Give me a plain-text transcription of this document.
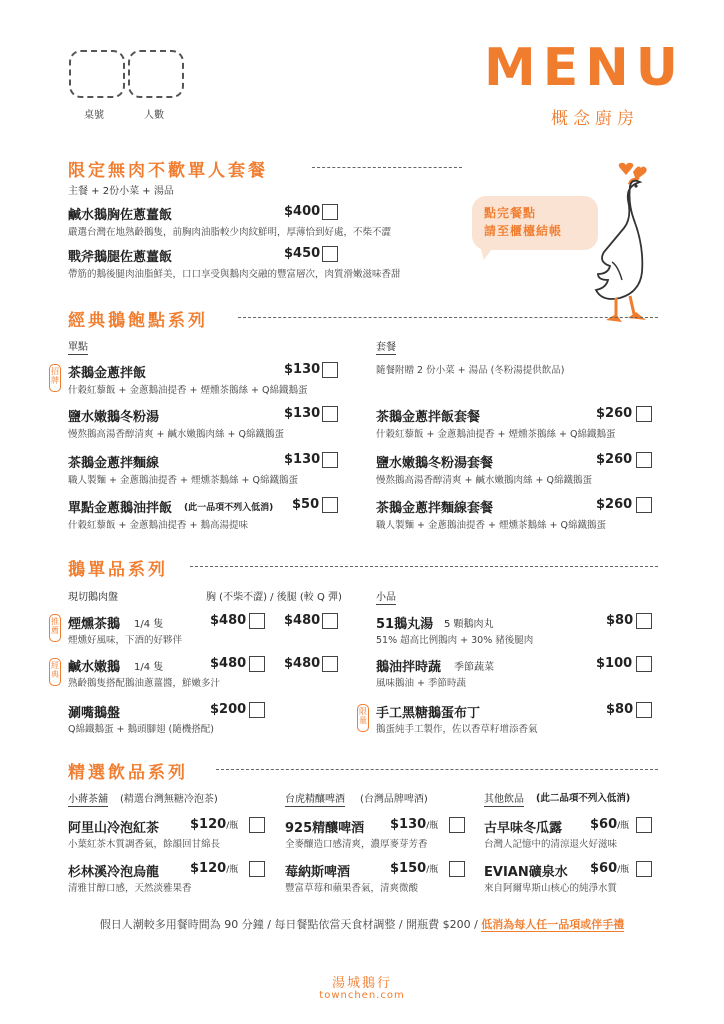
桌號	人數
MENU
概念廚房
點完餐點
請至櫃檯結帳
限定無肉不歡單人套餐
主餐 + 2份小菜 + 湯品
鹹水鵝胸佐蔥薑飯	$400
嚴選台灣在地熟齡鵝隻，前胸肉油脂較少肉紋鮮明，厚薄恰到好處，不柴不澀
戰斧鵝腿佐蔥薑飯	$450
帶筋的鵝後腿肉油脂鮮美，口口享受與鵝肉交融的豐富層次，肉質滑嫩滋味香甜
經典鵝飽點系列
單點	套餐
隨餐附贈 2 份小菜 + 湯品 (冬粉湯提供飲品)
招牌 茶鵝金蔥拌飯	$130
什穀紅藜飯 + 金蔥鵝油提香 + 煙燻茶鵝絲 + Q綿鐵鵝蛋
鹽水嫩鵝冬粉湯	$130
慢熬鵝高湯香醇清爽 + 鹹水嫩鵝肉絲 + Q綿鐵鵝蛋
茶鵝金蔥拌麵線	$130
職人製麵 + 金蔥鵝油提香 + 煙燻茶鵝絲 + Q綿鐵鵝蛋
單點金蔥鵝油拌飯 (此一品項不列入低消) $50
什穀紅藜飯 + 金蔥鵝油提香 + 鵝高湯提味
茶鵝金蔥拌飯套餐	$260
什穀紅藜飯 + 金蔥鵝油提香 + 煙燻茶鵝絲 + Q綿鐵鵝蛋
鹽水嫩鵝冬粉湯套餐	$260
慢熬鵝高湯香醇清爽 + 鹹水嫩鵝肉絲 + Q綿鐵鵝蛋
茶鵝金蔥拌麵線套餐	$260
職人製麵 + 金蔥鵝油提香 + 煙燻茶鵝絲 + Q綿鐵鵝蛋
鵝單品系列
現切鵝肉盤	胸 (不柴不澀) / 後腿 (較 Q 彈)	小品
推薦
經典
限量
煙燻茶鵝 1/4 隻	$480	$480
煙燻好風味，下酒的好夥伴
鹹水嫩鵝 1/4 隻	$480	$480
熟齡鵝隻搭配鵝油蔥薑醬，鮮嫩多汁
涮嘴鵝盤	$200
Q綿鐵鵝蛋 + 鵝頭腳翅 (隨機搭配)
51鵝丸湯 5 顆鵝肉丸	$80
51% 超高比例鵝肉 + 30% 豬後腿肉
鵝油拌時蔬 季節蔬菜	$100
風味鵝油 + 季節時蔬
手工黑糖鵝蛋布丁	$80
鵝蛋純手工製作，佐以香草籽增添香氣
精選飲品系列
小蔣茶舖 (精選台灣無糖冷泡茶)	台虎精釀啤酒 (台灣品牌啤酒)	其他飲品 (此二品項不列入低消)
阿里山冷泡紅茶 $120/瓶
小葉紅茶木質調香氣，餘韻回甘綿長
杉林溪冷泡烏龍 $120/瓶
清雅甘醇口感，天然淡雅果香
925精釀啤酒 $130/瓶
全麥釀造口感清爽，濃厚麥芽芳香
莓納斯啤酒	$150/瓶
豐富草莓和蘋果香氣，清爽微酸
古早味冬瓜露 $60/瓶
台灣人記憶中的清涼退火好滋味
EVIAN礦泉水 $60/瓶
來自阿爾卑斯山核心的純淨水質
假日人潮較多用餐時間為 90 分鐘 / 每日餐點依當天食材調整 / 開瓶費 $200 / 低消為每人任一品項或伴手禮
湯城鵝行
townchen.com
